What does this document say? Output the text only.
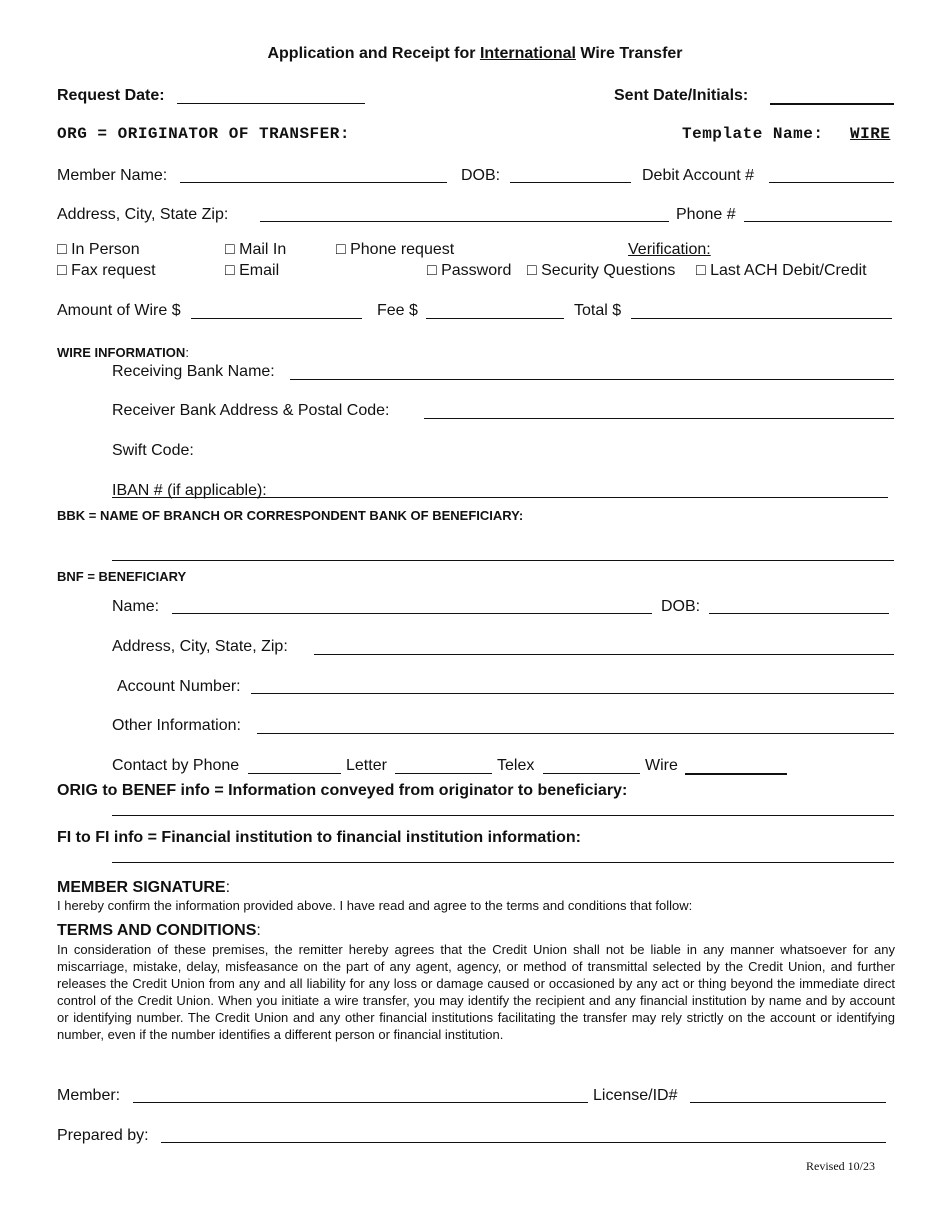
Application and Receipt for International Wire Transfer
Request Date:	Sent Date/Initials:
ORG = ORIGINATOR OF TRANSFER:	Template Name: WIRE
Member Name:	DOB:	Debit Account #
Address, City, State Zip:	Phone #
□ In Person	□ Mail In	□ Phone request	Verification:
□ Fax request	□ Email	□ Password □ Security Questions □ Last ACH Debit/Credit
Amount of Wire $	Fee $	Total $
WIRE INFORMATION:
Receiving Bank Name:
Receiver Bank Address & Postal Code:
Swift Code:
IBAN # (if applicable):
BBK = NAME OF BRANCH OR CORRESPONDENT BANK OF BENEFICIARY:
BNF = BENEFICIARY
Name:	DOB:
Address, City, State, Zip:
Account Number:
Other Information:
Contact by Phone	Letter	Telex	Wire
ORIG to BENEF info = Information conveyed from originator to beneficiary:
FI to FI info = Financial institution to financial institution information:
MEMBER SIGNATURE:
I hereby confirm the information provided above. I have read and agree to the terms and conditions that follow:
TERMS AND CONDITIONS:
In consideration of these premises, the remitter hereby agrees that the Credit Union shall not be liable in any manner whatsoever for any miscarriage, mistake, delay, misfeasance on the part of any agent, agency, or method of transmittal selected by the Credit Union, and further releases the Credit Union from any and all liability for any loss or damage caused or occasioned by any act or thing beyond the immediate direct control of the Credit Union. When you initiate a wire transfer, you may identify the recipient and any financial institution by name and by account or identifying number. The Credit Union and any other financial institutions facilitating the transfer may rely strictly on the account or identifying number, even if the number identifies a different person or financial institution.
Member:	License/ID#
Prepared by:
Revised 10/23
